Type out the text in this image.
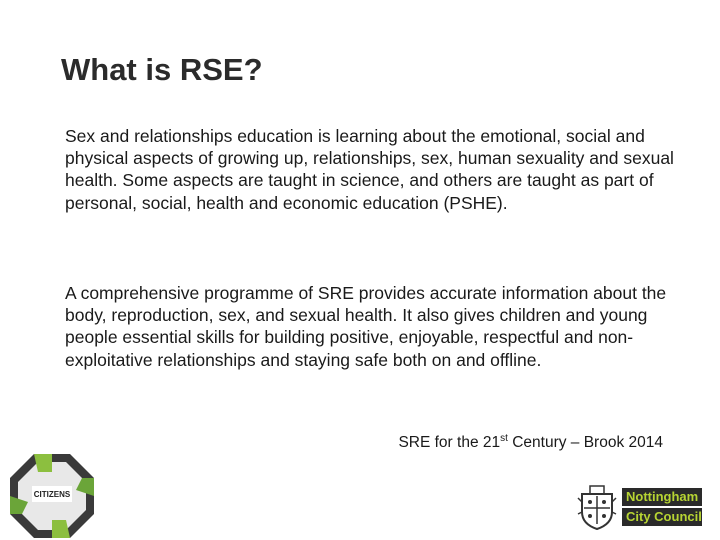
What is RSE?

Sex and relationships education is learning about the emotional, social and physical aspects of growing up, relationships, sex, human sexuality and sexual health. Some aspects are taught in science, and others are taught as part of personal, social, health and economic education (PSHE).

A comprehensive programme of SRE provides accurate information about the body, reproduction, sex, and sexual health. It also gives children and young people essential skills for building positive, enjoyable, respectful and non-exploitative relationships and staying safe both on and offline.

SRE for the 21st Century – Brook 2014
CITIZENS	Nottingham
City Council
